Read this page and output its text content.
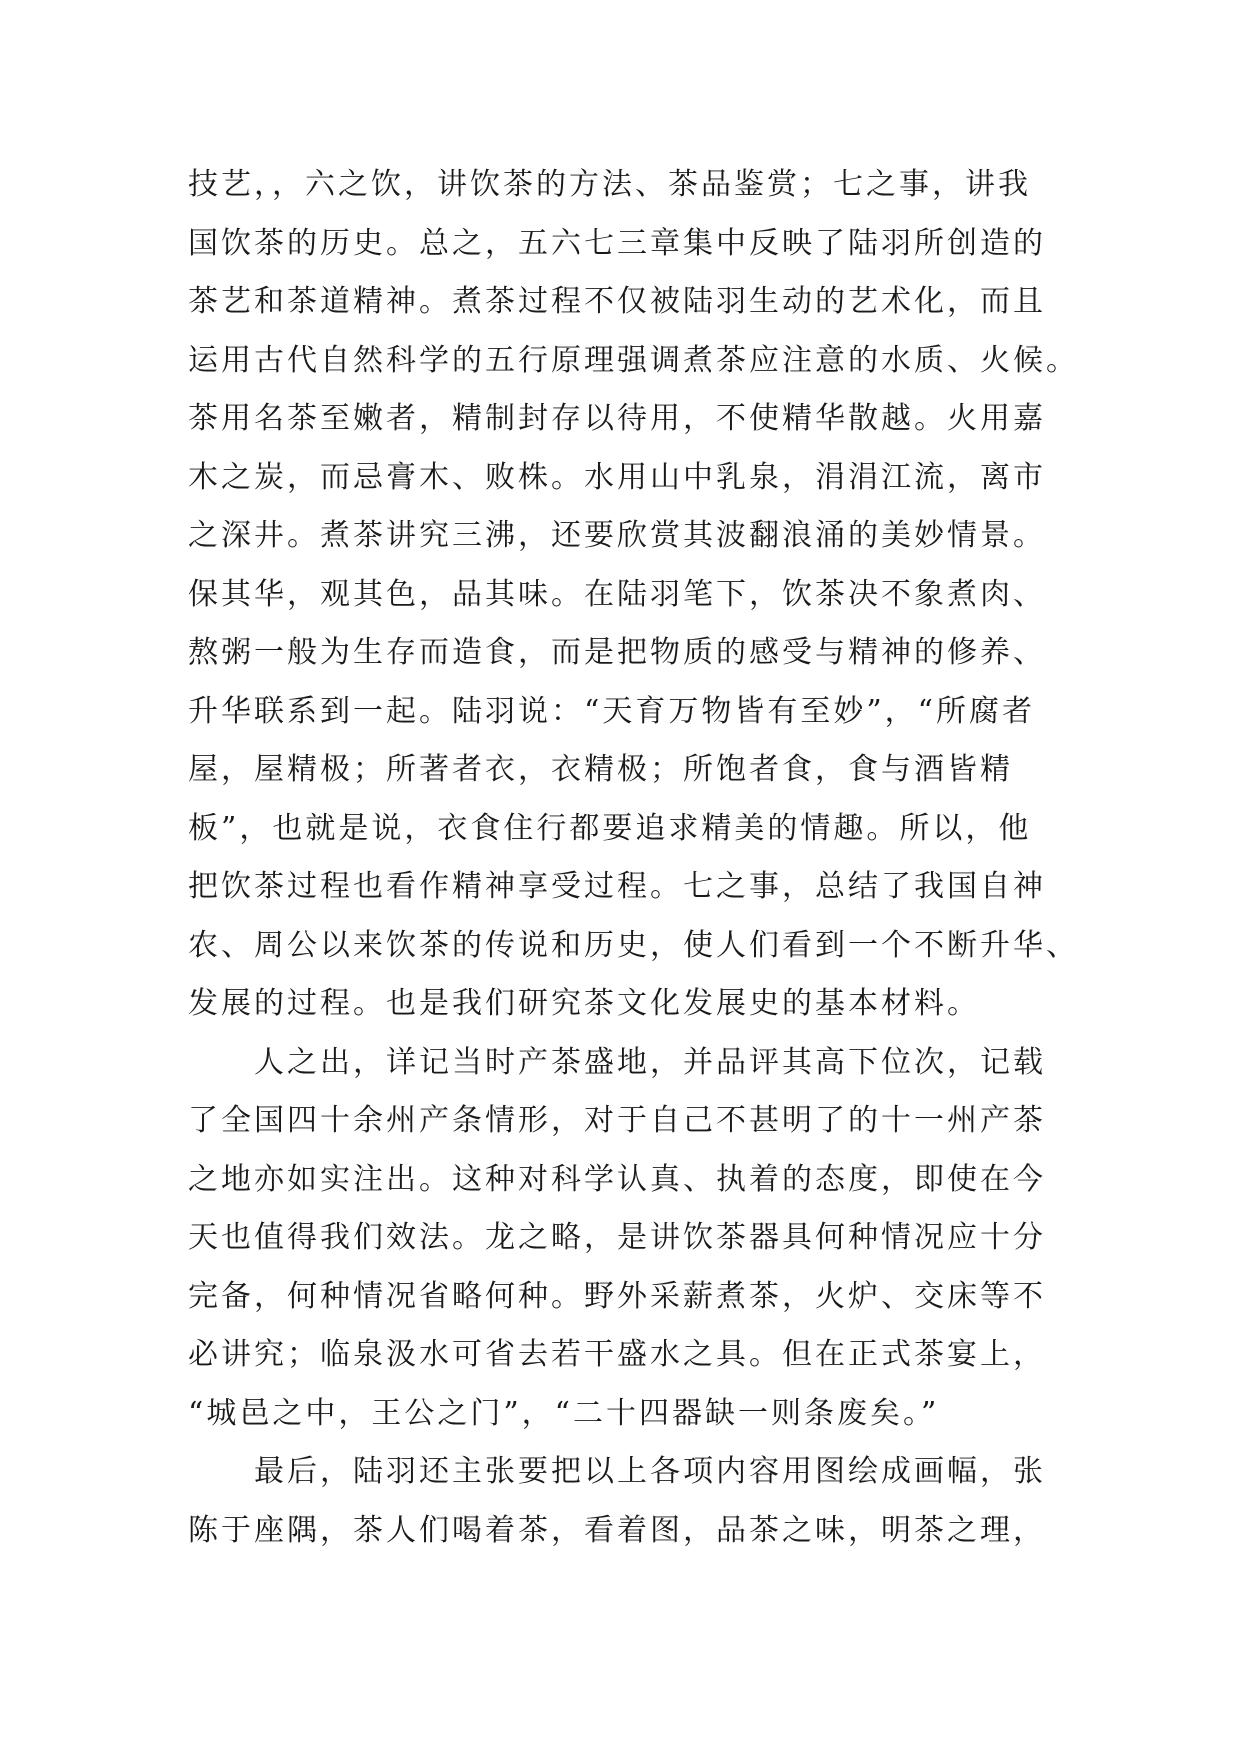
技艺，，六之饮，讲饮茶的方法、茶品鉴赏；七之事，讲我
国饮茶的历史。总之，五六七三章集中反映了陆羽所创造的
茶艺和茶道精神。煮茶过程不仅被陆羽生动的艺术化，而且
运用古代自然科学的五行原理强调煮茶应注意的水质、火候。
茶用名茶至嫩者，精制封存以待用，不使精华散越。火用嘉
木之炭，而忌膏木、败株。水用山中乳泉，涓涓江流，离市
之深井。煮茶讲究三沸，还要欣赏其波翻浪涌的美妙情景。
保其华，观其色，品其味。在陆羽笔下，饮茶决不象煮肉、
熬粥一般为生存而造食，而是把物质的感受与精神的修养、
升华联系到一起。陆羽说：“天育万物皆有至妙”，“所腐者
屋，屋精极；所著者衣，衣精极；所饱者食，食与酒皆精
板”，也就是说，衣食住行都要追求精美的情趣。所以，他
把饮茶过程也看作精神享受过程。七之事，总结了我国自神
农、周公以来饮茶的传说和历史，使人们看到一个不断升华、
发展的过程。也是我们研究茶文化发展史的基本材料。
人之出，详记当时产茶盛地，并品评其高下位次，记载
了全国四十余州产条情形，对于自己不甚明了的十一州产茶
之地亦如实注出。这种对科学认真、执着的态度，即使在今
天也值得我们效法。龙之略，是讲饮茶器具何种情况应十分
完备，何种情况省略何种。野外采薪煮茶，火炉、交床等不
必讲究；临泉汲水可省去若干盛水之具。但在正式茶宴上，
“城邑之中，王公之门”，“二十四器缺一则条废矣。”
最后，陆羽还主张要把以上各项内容用图绘成画幅，张
陈于座隅，茶人们喝着茶，看着图，品茶之味，明茶之理，
